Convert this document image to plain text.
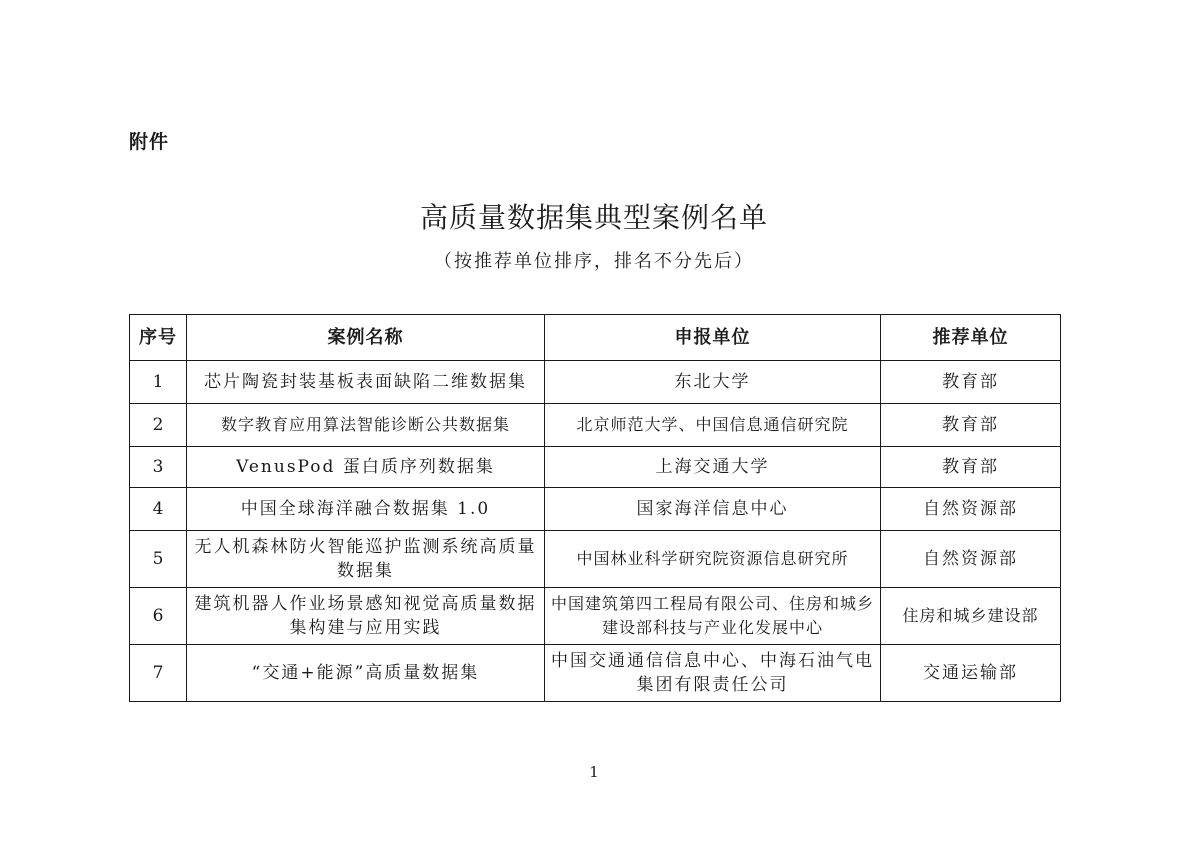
附件
高质量数据集典型案例名单
（按推荐单位排序，排名不分先后）
序号	案例名称	申报单位	推荐单位
1	芯片陶瓷封装基板表面缺陷二维数据集	东北大学	教育部
2	数字教育应用算法智能诊断公共数据集	北京师范大学、中国信息通信研究院	教育部
3	VenusPod 蛋白质序列数据集	上海交通大学	教育部
4	中国全球海洋融合数据集 1.0	国家海洋信息中心	自然资源部
5	无人机森林防火智能巡护监测系统高质量数据集	中国林业科学研究院资源信息研究所	自然资源部
6	建筑机器人作业场景感知视觉高质量数据集构建与应用实践	中国建筑第四工程局有限公司、住房和城乡建设部科技与产业化发展中心	住房和城乡建设部
7	“交通+能源”高质量数据集	中国交通通信信息中心、中海石油气电集团有限责任公司	交通运输部
1
